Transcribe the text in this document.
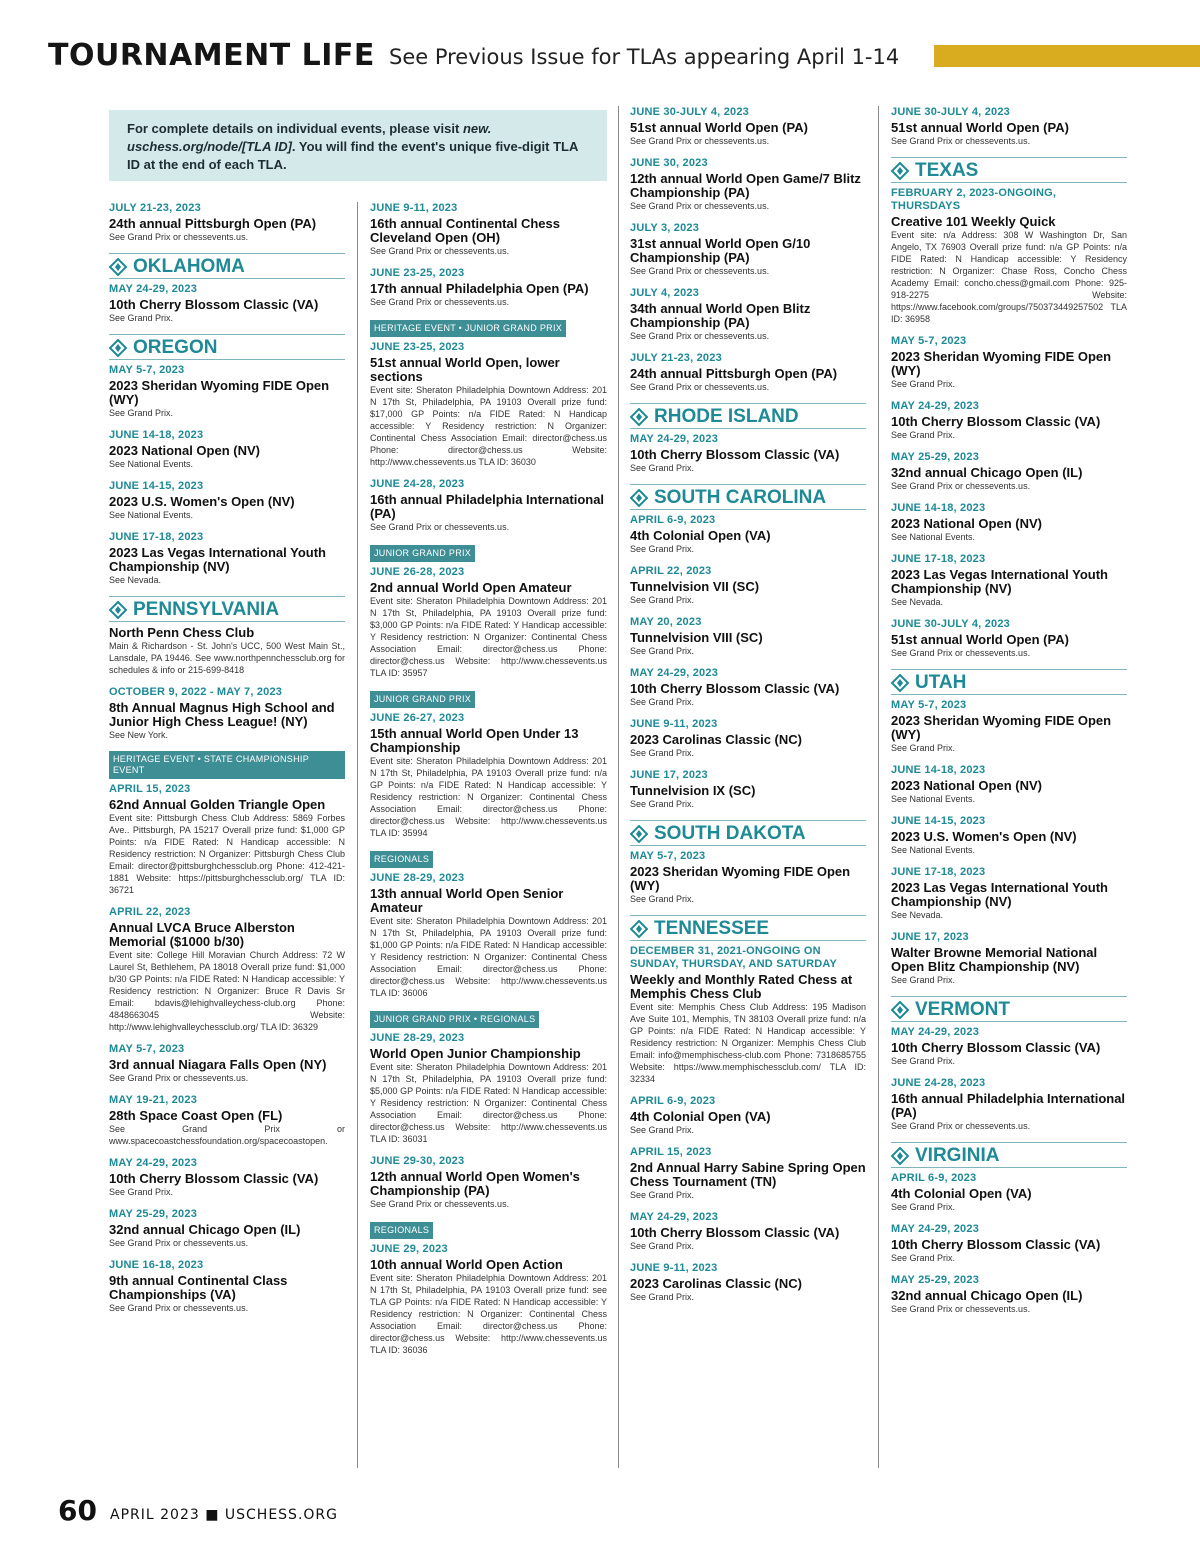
TOURNAMENT LIFE See Previous Issue for TLAs appearing April 1-14
For complete details on individual events, please visit new. uschess.org/node/[TLA ID]. You will find the event's unique five-digit TLA ID at the end of each TLA.
JULY 21-23, 2023
24th annual Pittsburgh Open (PA)
See Grand Prix or chessevents.us.
OKLAHOMA
MAY 24-29, 2023
10th Cherry Blossom Classic (VA)
See Grand Prix.
OREGON
MAY 5-7, 2023
2023 Sheridan Wyoming FIDE Open (WY)
See Grand Prix.
JUNE 14-18, 2023
2023 National Open (NV)
See National Events.
JUNE 14-15, 2023
2023 U.S. Women's Open (NV)
See National Events.
JUNE 17-18, 2023
2023 Las Vegas International Youth Championship (NV)
See Nevada.
PENNSYLVANIA
North Penn Chess Club
Main & Richardson - St. John's UCC, 500 West Main St., Lansdale, PA 19446. See www.northpennchessclub.org for schedules & info or 215-699-8418
OCTOBER 9, 2022 - MAY 7, 2023
8th Annual Magnus High School and Junior High Chess League! (NY)
See New York.
HERITAGE EVENT • STATE CHAMPIONSHIP EVENT
APRIL 15, 2023
62nd Annual Golden Triangle Open
Event site: Pittsburgh Chess Club Address: 5869 Forbes Ave.. Pittsburgh, PA 15217 Overall prize fund: $1,000 GP Points: n/a FIDE Rated: N Handicap accessible: N Residency restriction: N Organizer: Pittsburgh Chess Club Email: director@pittsburghchessclub.org Phone: 412-421-1881 Website: https://pittsburghchessclub.org/ TLA ID: 36721
APRIL 22, 2023
Annual LVCA Bruce Alberston Memorial ($1000 b/30)
Event site: College Hill Moravian Church Address: 72 W Laurel St, Bethlehem, PA 18018 Overall prize fund: $1,000 b/30 GP Points: n/a FIDE Rated: N Handicap accessible: Y Residency restriction: N Organizer: Bruce R Davis Sr Email: bdavis@lehighvalleychess-club.org Phone: 4848663045 Website: http://www.lehighvalleychessclub.org/ TLA ID: 36329
MAY 5-7, 2023
3rd annual Niagara Falls Open (NY)
See Grand Prix or chessevents.us.
MAY 19-21, 2023
28th Space Coast Open (FL)
See Grand Prix or www.spacecoastchessfoundation.org/spacecoastopen.
MAY 24-29, 2023
10th Cherry Blossom Classic (VA)
See Grand Prix.
MAY 25-29, 2023
32nd annual Chicago Open (IL)
See Grand Prix or chessevents.us.
JUNE 16-18, 2023
9th annual Continental Class Championships (VA)
See Grand Prix or chessevents.us.
JUNE 9-11, 2023
16th annual Continental Chess Cleveland Open (OH)
See Grand Prix or chessevents.us.
JUNE 23-25, 2023
17th annual Philadelphia Open (PA)
See Grand Prix or chessevents.us.
HERITAGE EVENT • JUNIOR GRAND PRIX
JUNE 23-25, 2023
51st annual World Open, lower sections
Event site: Sheraton Philadelphia Downtown Address: 201 N 17th St, Philadelphia, PA 19103 Overall prize fund: $17,000 GP Points: n/a FIDE Rated: N Handicap accessible: Y Residency restriction: N Organizer: Continental Chess Association Email: director@chess.us Phone: director@chess.us Website: http://www.chessevents.us TLA ID: 36030
JUNE 24-28, 2023
16th annual Philadelphia International (PA)
See Grand Prix or chessevents.us.
JUNIOR GRAND PRIX
JUNE 26-28, 2023
2nd annual World Open Amateur
Event site: Sheraton Philadelphia Downtown Address: 201 N 17th St, Philadelphia, PA 19103 Overall prize fund: $3,000 GP Points: n/a FIDE Rated: Y Handicap accessible: Y Residency restriction: N Organizer: Continental Chess Association Email: director@chess.us Phone: director@chess.us Website: http://www.chessevents.us TLA ID: 35957
JUNIOR GRAND PRIX
JUNE 26-27, 2023
15th annual World Open Under 13 Championship
Event site: Sheraton Philadelphia Downtown Address: 201 N 17th St, Philadelphia, PA 19103 Overall prize fund: n/a GP Points: n/a FIDE Rated: N Handicap accessible: Y Residency restriction: N Organizer: Continental Chess Association Email: director@chess.us Phone: director@chess.us Website: http://www.chessevents.us TLA ID: 35994
REGIONALS
JUNE 28-29, 2023
13th annual World Open Senior Amateur
Event site: Sheraton Philadelphia Downtown Address: 201 N 17th St, Philadelphia, PA 19103 Overall prize fund: $1,000 GP Points: n/a FIDE Rated: N Handicap accessible: Y Residency restriction: N Organizer: Continental Chess Association Email: director@chess.us Phone: director@chess.us Website: http://www.chessevents.us TLA ID: 36006
JUNIOR GRAND PRIX • REGIONALS
JUNE 28-29, 2023
World Open Junior Championship
Event site: Sheraton Philadelphia Downtown Address: 201 N 17th St, Philadelphia, PA 19103 Overall prize fund: $5,000 GP Points: n/a FIDE Rated: N Handicap accessible: Y Residency restriction: N Organizer: Continental Chess Association Email: director@chess.us Phone: director@chess.us Website: http://www.chessevents.us TLA ID: 36031
JUNE 29-30, 2023
12th annual World Open Women's Championship (PA)
See Grand Prix or chessevents.us.
REGIONALS
JUNE 29, 2023
10th annual World Open Action
Event site: Sheraton Philadelphia Downtown Address: 201 N 17th St, Philadelphia, PA 19103 Overall prize fund: see TLA GP Points: n/a FIDE Rated: N Handicap accessible: Y Residency restriction: N Organizer: Continental Chess Association Email: director@chess.us Phone: director@chess.us Website: http://www.chessevents.us TLA ID: 36036
JUNE 30-JULY 4, 2023
51st annual World Open (PA)
See Grand Prix or chessevents.us.
JUNE 30, 2023
12th annual World Open Game/7 Blitz Championship (PA)
See Grand Prix or chessevents.us.
JULY 3, 2023
31st annual World Open G/10 Championship (PA)
See Grand Prix or chessevents.us.
JULY 4, 2023
34th annual World Open Blitz Championship (PA)
See Grand Prix or chessevents.us.
JULY 21-23, 2023
24th annual Pittsburgh Open (PA)
See Grand Prix or chessevents.us.
RHODE ISLAND
MAY 24-29, 2023
10th Cherry Blossom Classic (VA)
See Grand Prix.
SOUTH CAROLINA
APRIL 6-9, 2023
4th Colonial Open (VA)
See Grand Prix.
APRIL 22, 2023
Tunnelvision VII (SC)
See Grand Prix.
MAY 20, 2023
Tunnelvision VIII (SC)
See Grand Prix.
MAY 24-29, 2023
10th Cherry Blossom Classic (VA)
See Grand Prix.
JUNE 9-11, 2023
2023 Carolinas Classic (NC)
See Grand Prix.
JUNE 17, 2023
Tunnelvision IX (SC)
See Grand Prix.
SOUTH DAKOTA
MAY 5-7, 2023
2023 Sheridan Wyoming FIDE Open (WY)
See Grand Prix.
TENNESSEE
DECEMBER 31, 2021-ONGOING ON SUNDAY, THURSDAY, AND SATURDAY
Weekly and Monthly Rated Chess at Memphis Chess Club
Event site: Memphis Chess Club Address: 195 Madison Ave Suite 101, Memphis, TN 38103 Overall prize fund: n/a GP Points: n/a FIDE Rated: N Handicap accessible: Y Residency restriction: N Organizer: Memphis Chess Club Email: info@memphischess-club.com Phone: 7318685755 Website: https://www.memphischessclub.com/ TLA ID: 32334
APRIL 6-9, 2023
4th Colonial Open (VA)
See Grand Prix.
APRIL 15, 2023
2nd Annual Harry Sabine Spring Open Chess Tournament (TN)
See Grand Prix.
MAY 24-29, 2023
10th Cherry Blossom Classic (VA)
See Grand Prix.
JUNE 9-11, 2023
2023 Carolinas Classic (NC)
See Grand Prix.
JUNE 30-JULY 4, 2023
51st annual World Open (PA)
See Grand Prix or chessevents.us.
TEXAS
FEBRUARY 2, 2023-ONGOING, THURSDAYS
Creative 101 Weekly Quick
Event site: n/a Address: 308 W Washington Dr, San Angelo, TX 76903 Overall prize fund: n/a GP Points: n/a FIDE Rated: N Handicap accessible: Y Residency restriction: N Organizer: Chase Ross, Concho Chess Academy Email: concho.chess@gmail.com Phone: 925-918-2275 Website: https://www.facebook.com/groups/750373449257502 TLA ID: 36958
MAY 5-7, 2023
2023 Sheridan Wyoming FIDE Open (WY)
See Grand Prix.
MAY 24-29, 2023
10th Cherry Blossom Classic (VA)
See Grand Prix.
MAY 25-29, 2023
32nd annual Chicago Open (IL)
See Grand Prix or chessevents.us.
JUNE 14-18, 2023
2023 National Open (NV)
See National Events.
JUNE 17-18, 2023
2023 Las Vegas International Youth Championship (NV)
See Nevada.
JUNE 30-JULY 4, 2023
51st annual World Open (PA)
See Grand Prix or chessevents.us.
UTAH
MAY 5-7, 2023
2023 Sheridan Wyoming FIDE Open (WY)
See Grand Prix.
JUNE 14-18, 2023
2023 National Open (NV)
See National Events.
JUNE 14-15, 2023
2023 U.S. Women's Open (NV)
See National Events.
JUNE 17-18, 2023
2023 Las Vegas International Youth Championship (NV)
See Nevada.
JUNE 17, 2023
Walter Browne Memorial National Open Blitz Championship (NV)
See Grand Prix.
VERMONT
MAY 24-29, 2023
10th Cherry Blossom Classic (VA)
See Grand Prix.
JUNE 24-28, 2023
16th annual Philadelphia International (PA)
See Grand Prix or chessevents.us.
VIRGINIA
APRIL 6-9, 2023
4th Colonial Open (VA)
See Grand Prix.
MAY 24-29, 2023
10th Cherry Blossom Classic (VA)
See Grand Prix.
MAY 25-29, 2023
32nd annual Chicago Open (IL)
See Grand Prix or chessevents.us.
60 APRIL 2023 ■ USCHESS.ORG
